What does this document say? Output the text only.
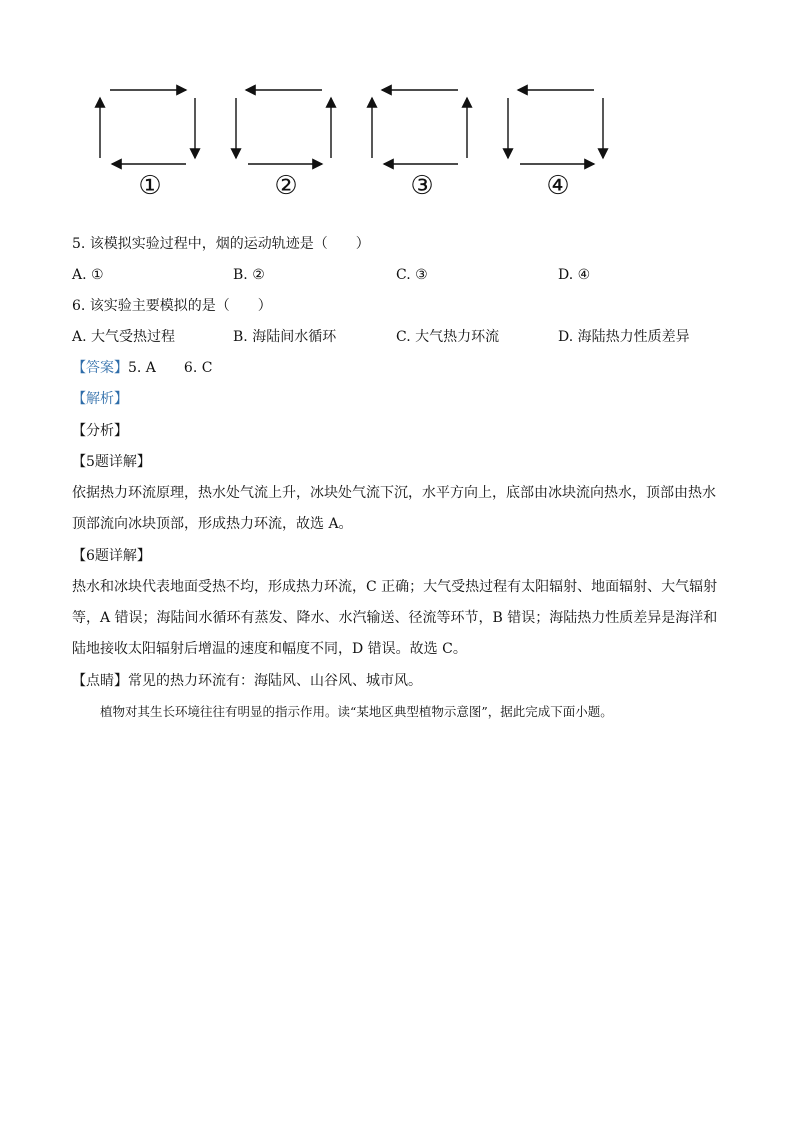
①	②	③	④
5. 该模拟实验过程中，烟的运动轨迹是（　　）
A. ①	B. ②	C. ③	D. ④
6. 该实验主要模拟的是（　　）
A. 大气受热过程	B. 海陆间水循环	C. 大气热力环流	D. 海陆热力性质差异
【答案】5. A　　6. C
【解析】
【分析】
【5题详解】
依据热力环流原理，热水处气流上升，冰块处气流下沉，水平方向上，底部由冰块流向热水，顶部由热水顶部流向冰块顶部，形成热力环流，故选 A。
【6题详解】
热水和冰块代表地面受热不均，形成热力环流，C 正确；大气受热过程有太阳辐射、地面辐射、大气辐射等，A 错误；海陆间水循环有蒸发、降水、水汽输送、径流等环节，B 错误；海陆热力性质差异是海洋和陆地接收太阳辐射后增温的速度和幅度不同，D 错误。故选 C。
【点睛】常见的热力环流有：海陆风、山谷风、城市风。
植物对其生长环境往往有明显的指示作用。读“某地区典型植物示意图”，据此完成下面小题。
